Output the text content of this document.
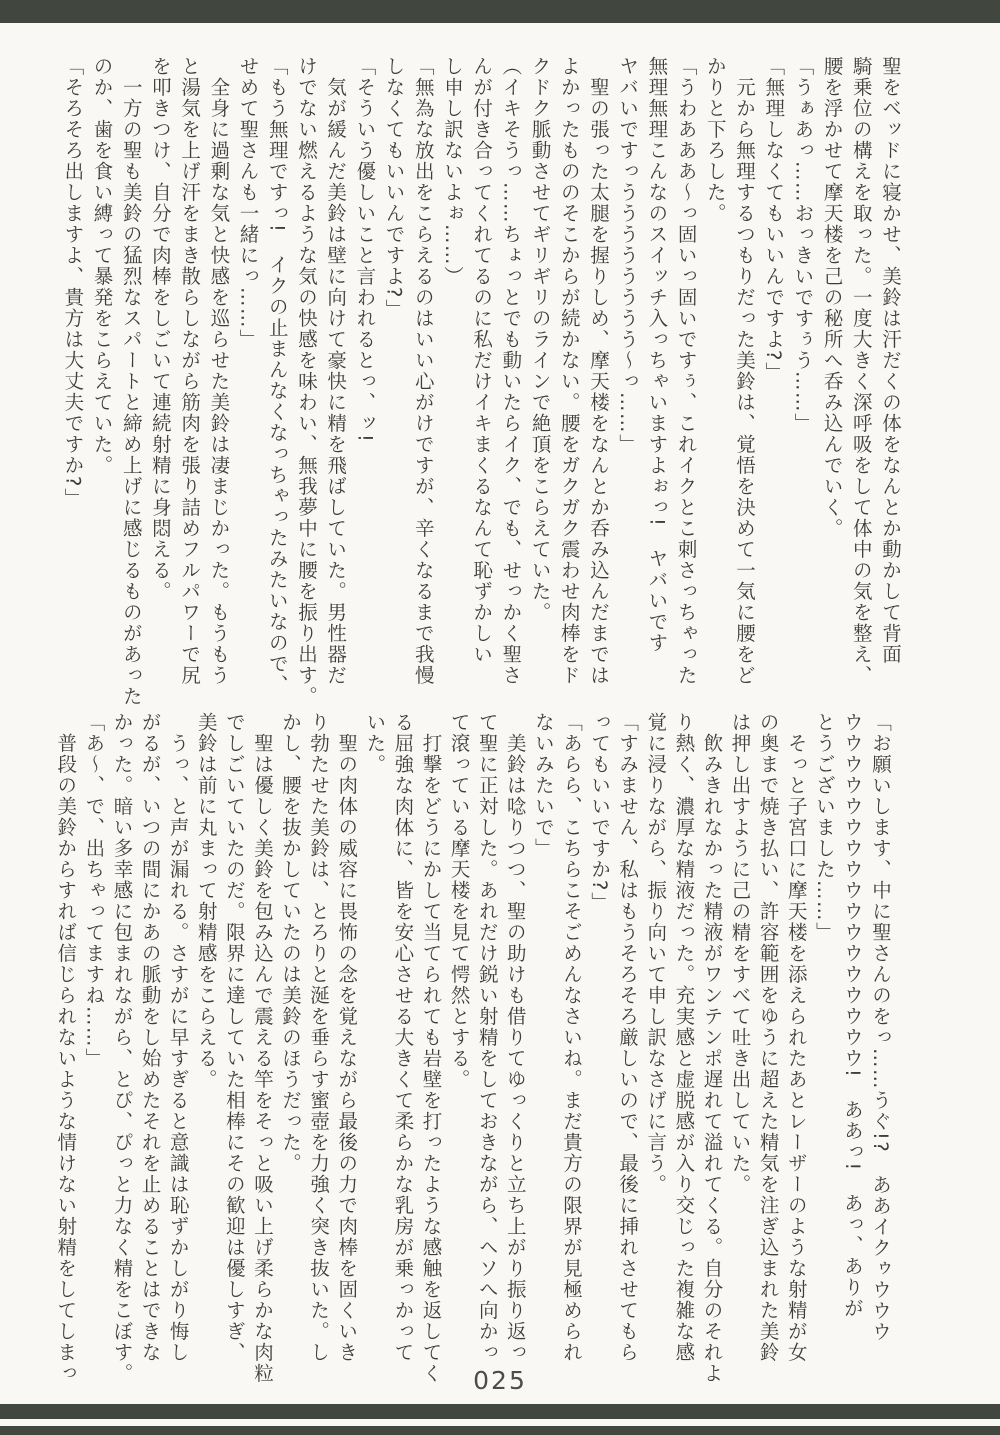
聖をベッドに寝かせ、美鈴は汗だくの体をなんとか動かして背面

騎乗位の構えを取った。一度大きく深呼吸をして体中の気を整え、

腰を浮かせて摩天楼を己の秘所へ呑み込んでいく。

「うぁあっ……おっきいですぅう……」

「無理しなくてもいいんですよ?」

　元から無理するつもりだった美鈴は、覚悟を決めて一気に腰をど

かりと下ろした。

「うわあああ〜っ固いっ固いですぅ、これイクとこ刺さっちゃった

無理無理こんなのスイッチ入っちゃいますよぉっ!　ヤバいです

ヤバいですっうううううううう〜っ……」

　聖の張った太腿を握りしめ、摩天楼をなんとか呑み込んだまでは

よかったもののそこからが続かない。腰をガクガク震わせ肉棒をド

クドク脈動させてギリギリのラインで絶頂をこらえていた。

（イキそうっ……ちょっとでも動いたらイク、でも、せっかく聖さ

んが付き合ってくれてるのに私だけイキまくるなんて恥ずかしい

し申し訳ないよぉ……）

「無為な放出をこらえるのはいい心がけですが、辛くなるまで我慢

しなくてもいいんですよ?」

「そういう優しいこと言われるとっ、ッ!

　気が緩んだ美鈴は壁に向けて豪快に精を飛ばしていた。男性器だ

けでない燃えるような気の快感を味わい、無我夢中に腰を振り出す。

「もう無理ですっ!　イクの止まんなくなっちゃったみたいなので、

せめて聖さんも一緒にっ……」

　全身に過剰な気と快感を巡らせた美鈴は凄まじかった。もうもう

と湯気を上げ汗をまき散らしながら筋肉を張り詰めフルパワーで尻

を叩きつけ、自分で肉棒をしごいて連続射精に身悶える。

　一方の聖も美鈴の猛烈なスパートと締め上げに感じるものがあった

のか、歯を食い縛って暴発をこらえていた。

「そろそろ出しますよ、貴方は大丈夫ですか?」

「お願いします、中に聖さんのをっ……うぐ!?　ああイクゥウウウ

ウウウウウウウウウウウウウウウウウ!　ああっ!　あっ、ありが

とうございました……」

　そっと子宮口に摩天楼を添えられたあとレーザーのような射精が女

の奥まで焼き払い、許容範囲をゆうに超えた精気を注ぎ込まれた美鈴

は押し出すように己の精をすべて吐き出していた。

　飲みきれなかった精液がワンテンポ遅れて溢れてくる。自分のそれよ

り熱く、濃厚な精液だった。充実感と虚脱感が入り交じった複雑な感

覚に浸りながら、振り向いて申し訳なさげに言う。

「すみません、私はもうそろそろ厳しいので、最後に挿れさせてもら

ってもいいですか?」

「あらら、こちらこそごめんなさいね。まだ貴方の限界が見極められ

ないみたいで」

　美鈴は唸りつつ、聖の助けも借りてゆっくりと立ち上がり振り返っ

て聖に正対した。あれだけ鋭い射精をしておきながら、ヘソへ向かっ

て滾っている摩天楼を見て愕然とする。

　打撃をどうにかして当てられても岩壁を打ったような感触を返してく

る屈強な肉体に、皆を安心させる大きくて柔らかな乳房が乗っかって

いた。

　聖の肉体の威容に畏怖の念を覚えながら最後の力で肉棒を固くいき

り勃たせた美鈴は、とろりと涎を垂らす蜜壺を力強く突き抜いた。し

かし、腰を抜かしていたのは美鈴のほうだった。

　聖は優しく美鈴を包み込んで震える竿をそっと吸い上げ柔らかな肉粒

でしごいていたのだ。限界に達していた相棒にその歓迎は優しすぎ、

美鈴は前に丸まって射精感をこらえる。

　うっ、と声が漏れる。さすがに早すぎると意識は恥ずかしがり悔し

がるが、いつの間にかあの脈動をし始めたそれを止めることはできな

かった。暗い多幸感に包まれながら、とぴ、ぴっと力なく精をこぼす。

「あ〜、で、出ちゃってますね……」

　普段の美鈴からすれば信じられないような情けない射精をしてしまっ	025
